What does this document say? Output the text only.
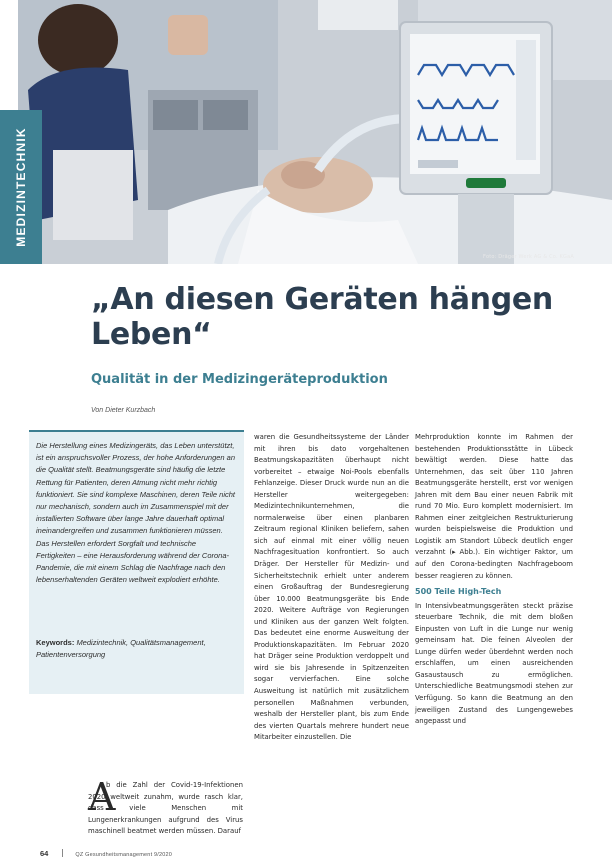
Foto: Dräger Werk AG & Co. KGaA
MEDIZINTECHNIK
„An diesen Geräten hängen Leben“
Qualität in der Medizingeräteproduktion
Von Dieter Kurzbach

Die Herstellung eines Medizingeräts, das Leben unterstützt, ist ein anspruchsvoller Prozess, der hohe Anforderungen an die Qualität stellt. Beatmungsgeräte sind häufig die letzte Rettung für Patienten, deren Atmung nicht mehr richtig funktioniert. Sie sind komplexe Maschinen, deren Teile nicht nur mechanisch, sondern auch im Zusammenspiel mit der installierten Software über lange Jahre dauerhaft optimal ineinandergreifen und zusammen funktionieren müssen. Das Herstellen erfordert Sorgfalt und technische Fertigkeiten – eine Herausforderung während der Corona-Pandemie, die mit einem Schlag die Nachfrage nach den lebenserhaltenden Geräten weltweit explodiert erhöhte.

Keywords: Medizintechnik, Qualitätsmanagement, Patientenversorgung

A

b die Zahl der Covid-19-Infektionen 2020 weltweit zunahm, wurde rasch klar, dass viele Menschen mit Lungenerkrankungen aufgrund des Virus maschinell beatmet werden müssen. Darauf

waren die Gesundheitssysteme der Länder mit ihren bis dato vorgehaltenen Beatmungskapazitäten überhaupt nicht vorbereitet – etwaige Noi-Pools ebenfalls Fehlanzeige. Dieser Druck wurde nun an die Hersteller weitergegeben: Medizintechnikunternehmen, die normalerweise über einen planbaren Zeitraum regional Kliniken beliefern, sahen sich auf einmal mit einer völlig neuen Nachfragesituation konfrontiert. So auch Dräger. Der Hersteller für Medizin- und Sicherheitstechnik erhielt unter anderem einen Großauftrag der Bundesregierung über 10.000 Beatmungsgeräte bis Ende 2020. Weitere Aufträge von Regierungen und Kliniken aus der ganzen Welt folgten. Das bedeutet eine enorme Ausweitung der Produktionskapazitäten. Im Februar 2020 hat Dräger seine Produktion verdoppelt und wird sie bis Jahresende in Spitzenzeiten sogar vervierfachen. Eine solche Ausweitung ist natürlich mit zusätzlichem personellen Maßnahmen verbunden, weshalb der Hersteller plant, bis zum Ende des vierten Quartals mehrere hundert neue Mitarbeiter einzustellen. Die

Mehrproduktion konnte im Rahmen der bestehenden Produktionsstätte in Lübeck bewältigt werden. Diese hatte das Unternehmen, das seit über 110 Jahren Beatmungsgeräte herstellt, erst vor wenigen Jahren mit dem Bau einer neuen Fabrik mit rund 70 Mio. Euro komplett modernisiert. Im Rahmen einer zeitgleichen Restrukturierung wurden beispielsweise die Produktion und Logistik am Standort Lübeck deutlich enger verzahnt (▸ Abb.). Ein wichtiger Faktor, um auf den Corona-bedingten Nachfrageboom besser reagieren zu können.

500 Teile High-Tech

In Intensivbeatmungsgeräten steckt präzise steuerbare Technik, die mit dem bloßen Einpusten von Luft in die Lunge nur wenig gemeinsam hat. Die feinen Alveolen der Lunge dürfen weder überdehnt werden noch erschlaffen, um einen ausreichenden Gasaustausch zu ermöglichen. Unterschiedliche Beatmungsmodi stehen zur Verfügung. So kann die Beatmung an den jeweiligen Zustand des Lungengewebes angepasst und

64	QZ Gesundheitsmanagement 9/2020
